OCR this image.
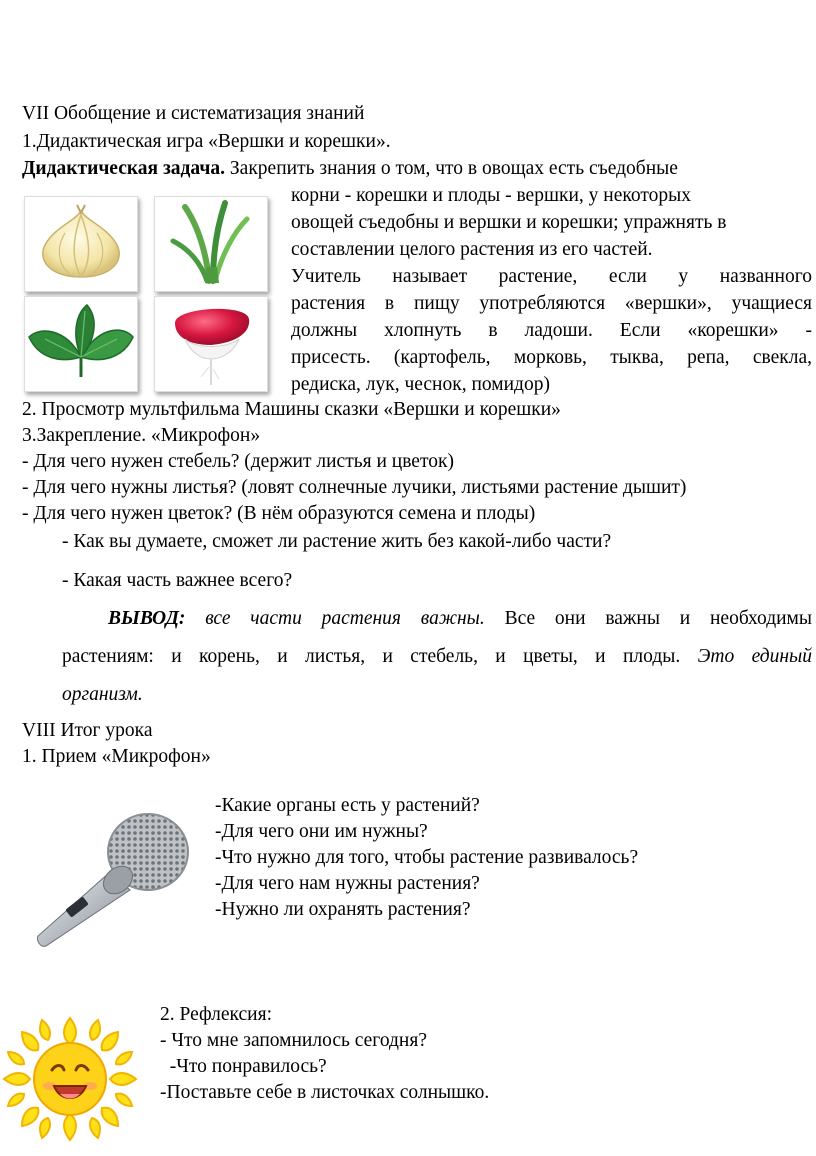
VII Обобщение и систематизация знаний
1.Дидактическая игра «Вершки и корешки».
Дидактическая задача. Закрепить знания о том, что в овощах есть съедобные
корни - корешки и плоды - вершки, у некоторых
овощей съедобны и вершки и корешки; упражнять в
составлении целого растения из его частей.
Учитель называет растение, если у названного
растения в пищу употребляются «вершки», учащиеся
должны хлопнуть в ладоши. Если «корешки» -
присесть. (картофель, морковь, тыква, репа, свекла,
редиска, лук, чеснок, помидор)
2. Просмотр мультфильма Машины сказки «Вершки и корешки»
3.Закрепление. «Микрофон»
- Для чего нужен стебель? (держит листья и цветок)
- Для чего нужны листья? (ловят солнечные лучики, листьями растение дышит)
- Для чего нужен цветок? (В нём образуются семена и плоды)
- Как вы думаете, сможет ли растение жить без какой-либо части?
- Какая часть важнее всего?
ВЫВОД: все части растения важны. Все они важны и необходимы
растениям: и корень, и листья, и стебель, и цветы, и плоды. Это единый
организм.
VIII Итог урока
1. Прием «Микрофон»
-Какие органы есть у растений?
-Для чего они им нужны?
-Что нужно для того, чтобы растение развивалось?
-Для чего нам нужны растения?
-Нужно ли охранять растения?
2. Рефлексия:
- Что мне запомнилось сегодня?
-Что понравилось?
-Поставьте себе в листочках солнышко.
